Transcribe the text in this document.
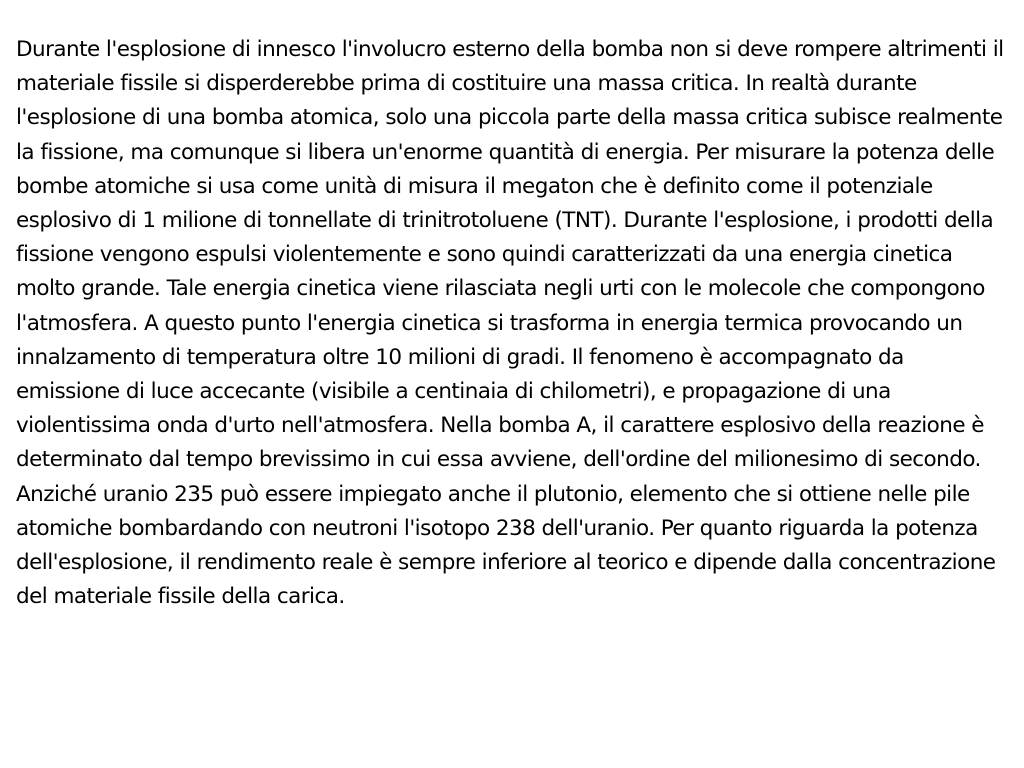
Durante l'esplosione di innesco l'involucro esterno della bomba non si deve rompere altrimenti il materiale fissile si disperderebbe prima di costituire una massa critica. In realtà durante l'esplosione di una bomba atomica, solo una piccola parte della massa critica subisce realmente la fissione, ma comunque si libera un'enorme quantità di energia. Per misurare la potenza delle bombe atomiche si usa come unità di misura il megaton che è definito come il potenziale esplosivo di 1 milione di tonnellate di trinitrotoluene (TNT). Durante l'esplosione, i prodotti della fissione vengono espulsi violentemente e sono quindi caratterizzati da una energia cinetica molto grande. Tale energia cinetica viene rilasciata negli urti con le molecole che compongono l'atmosfera. A questo punto l'energia cinetica si trasforma in energia termica provocando un innalzamento di temperatura oltre 10 milioni di gradi. Il fenomeno è accompagnato da emissione di luce accecante (visibile a centinaia di chilometri), e propagazione di una violentissima onda d'urto nell'atmosfera. Nella bomba A, il carattere esplosivo della reazione è determinato dal tempo brevissimo in cui essa avviene, dell'ordine del milionesimo di secondo. Anziché uranio 235 può essere impiegato anche il plutonio, elemento che si ottiene nelle pile atomiche bombardando con neutroni l'isotopo 238 dell'uranio. Per quanto riguarda la potenza dell'esplosione, il rendimento reale è sempre inferiore al teorico e dipende dalla concentrazione del materiale fissile della carica.
